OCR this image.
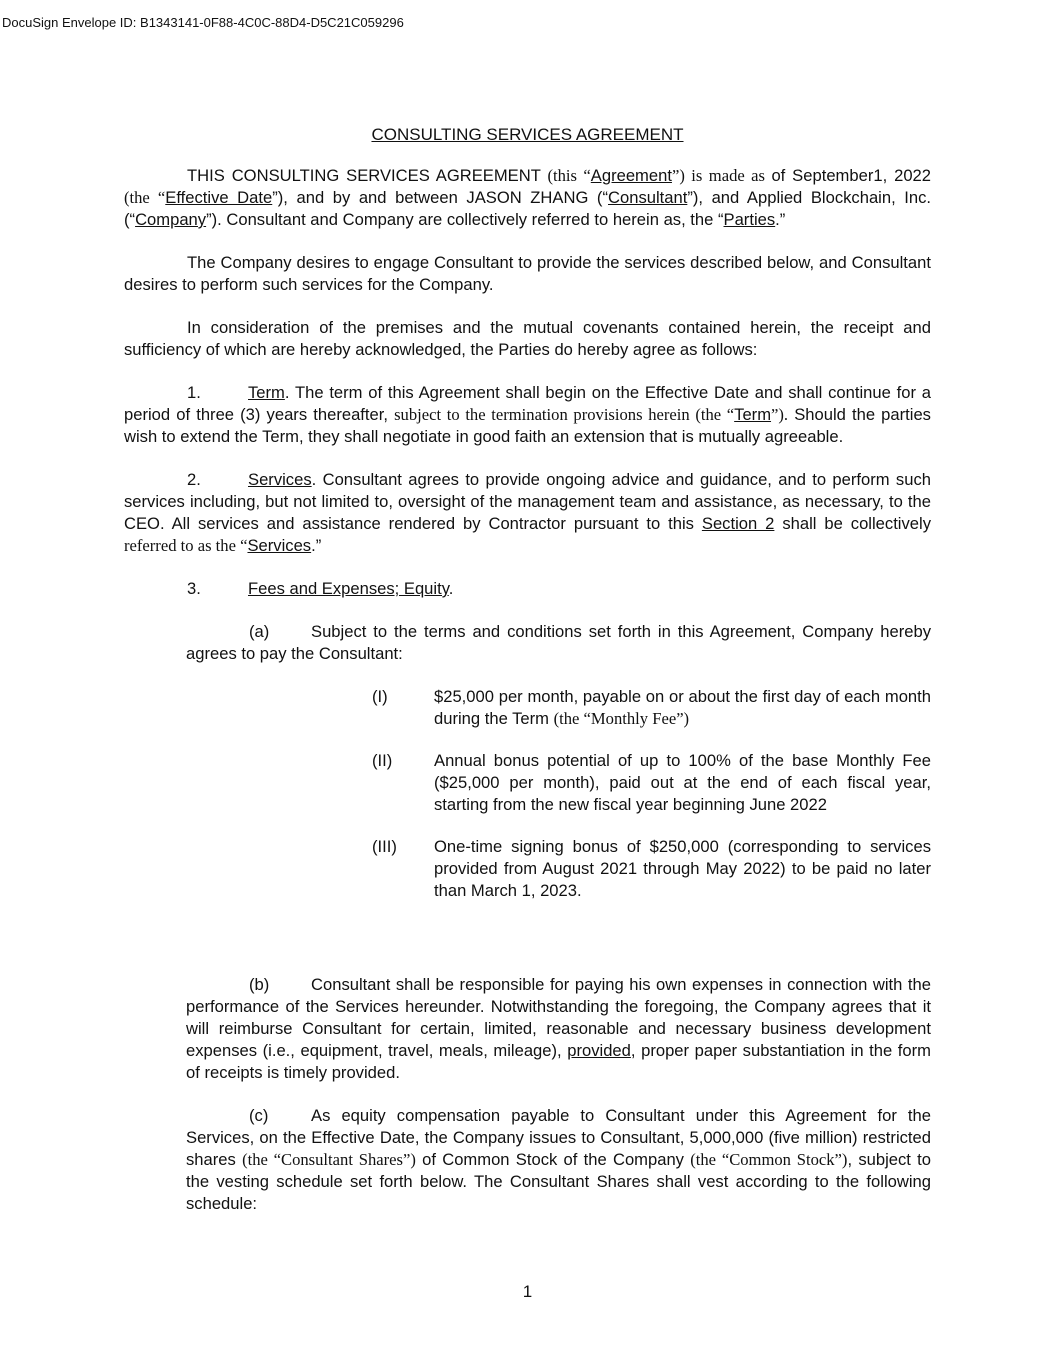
DocuSign Envelope ID: B1343141-0F88-4C0C-88D4-D5C21C059296
CONSULTING SERVICES AGREEMENT

THIS CONSULTING SERVICES AGREEMENT (this “Agreement”) is made as of September1, 2022 (the “Effective Date”), and by and between JASON ZHANG (“Consultant”), and Applied Blockchain, Inc. (“Company”). Consultant and Company are collectively referred to herein as, the “Parties.”

The Company desires to engage Consultant to provide the services described below, and Consultant desires to perform such services for the Company.

In consideration of the premises and the mutual covenants contained herein, the receipt and sufficiency of which are hereby acknowledged, the Parties do hereby agree as follows:

1.	Term. The term of this Agreement shall begin on the Effective Date and shall continue for a period of three (3) years thereafter, subject to the termination provisions herein (the “Term”). Should the parties wish to extend the Term, they shall negotiate in good faith an extension that is mutually agreeable.

2.	Services. Consultant agrees to provide ongoing advice and guidance, and to perform such services including, but not limited to, oversight of the management team and assistance, as necessary, to the CEO. All services and assistance rendered by Contractor pursuant to this Section 2 shall be collectively referred to as the “Services.”

3.	Fees and Expenses; Equity.

(a)	Subject to the terms and conditions set forth in this Agreement, Company hereby agrees to pay the Consultant:

(I)	$25,000 per month, payable on or about the first day of each month during the Term (the “Monthly Fee”)
(II)	Annual bonus potential of up to 100% of the base Monthly Fee ($25,000 per month), paid out at the end of each fiscal year, starting from the new fiscal year beginning June 2022
(III) One-time signing bonus of $250,000 (corresponding to services provided from August 2021 through May 2022) to be paid no later than March 1, 2023.

(b)	Consultant shall be responsible for paying his own expenses in connection with the performance of the Services hereunder. Notwithstanding the foregoing, the Company agrees that it will reimburse Consultant for certain, limited, reasonable and necessary business development expenses (i.e., equipment, travel, meals, mileage), provided, proper paper substantiation in the form of receipts is timely provided.

(c)	As equity compensation payable to Consultant under this Agreement for the Services, on the Effective Date, the Company issues to Consultant, 5,000,000 (five million) restricted shares (the “Consultant Shares”) of Common Stock of the Company (the “Common Stock”), subject to the vesting schedule set forth below. The Consultant Shares shall vest according to the following schedule:

1
